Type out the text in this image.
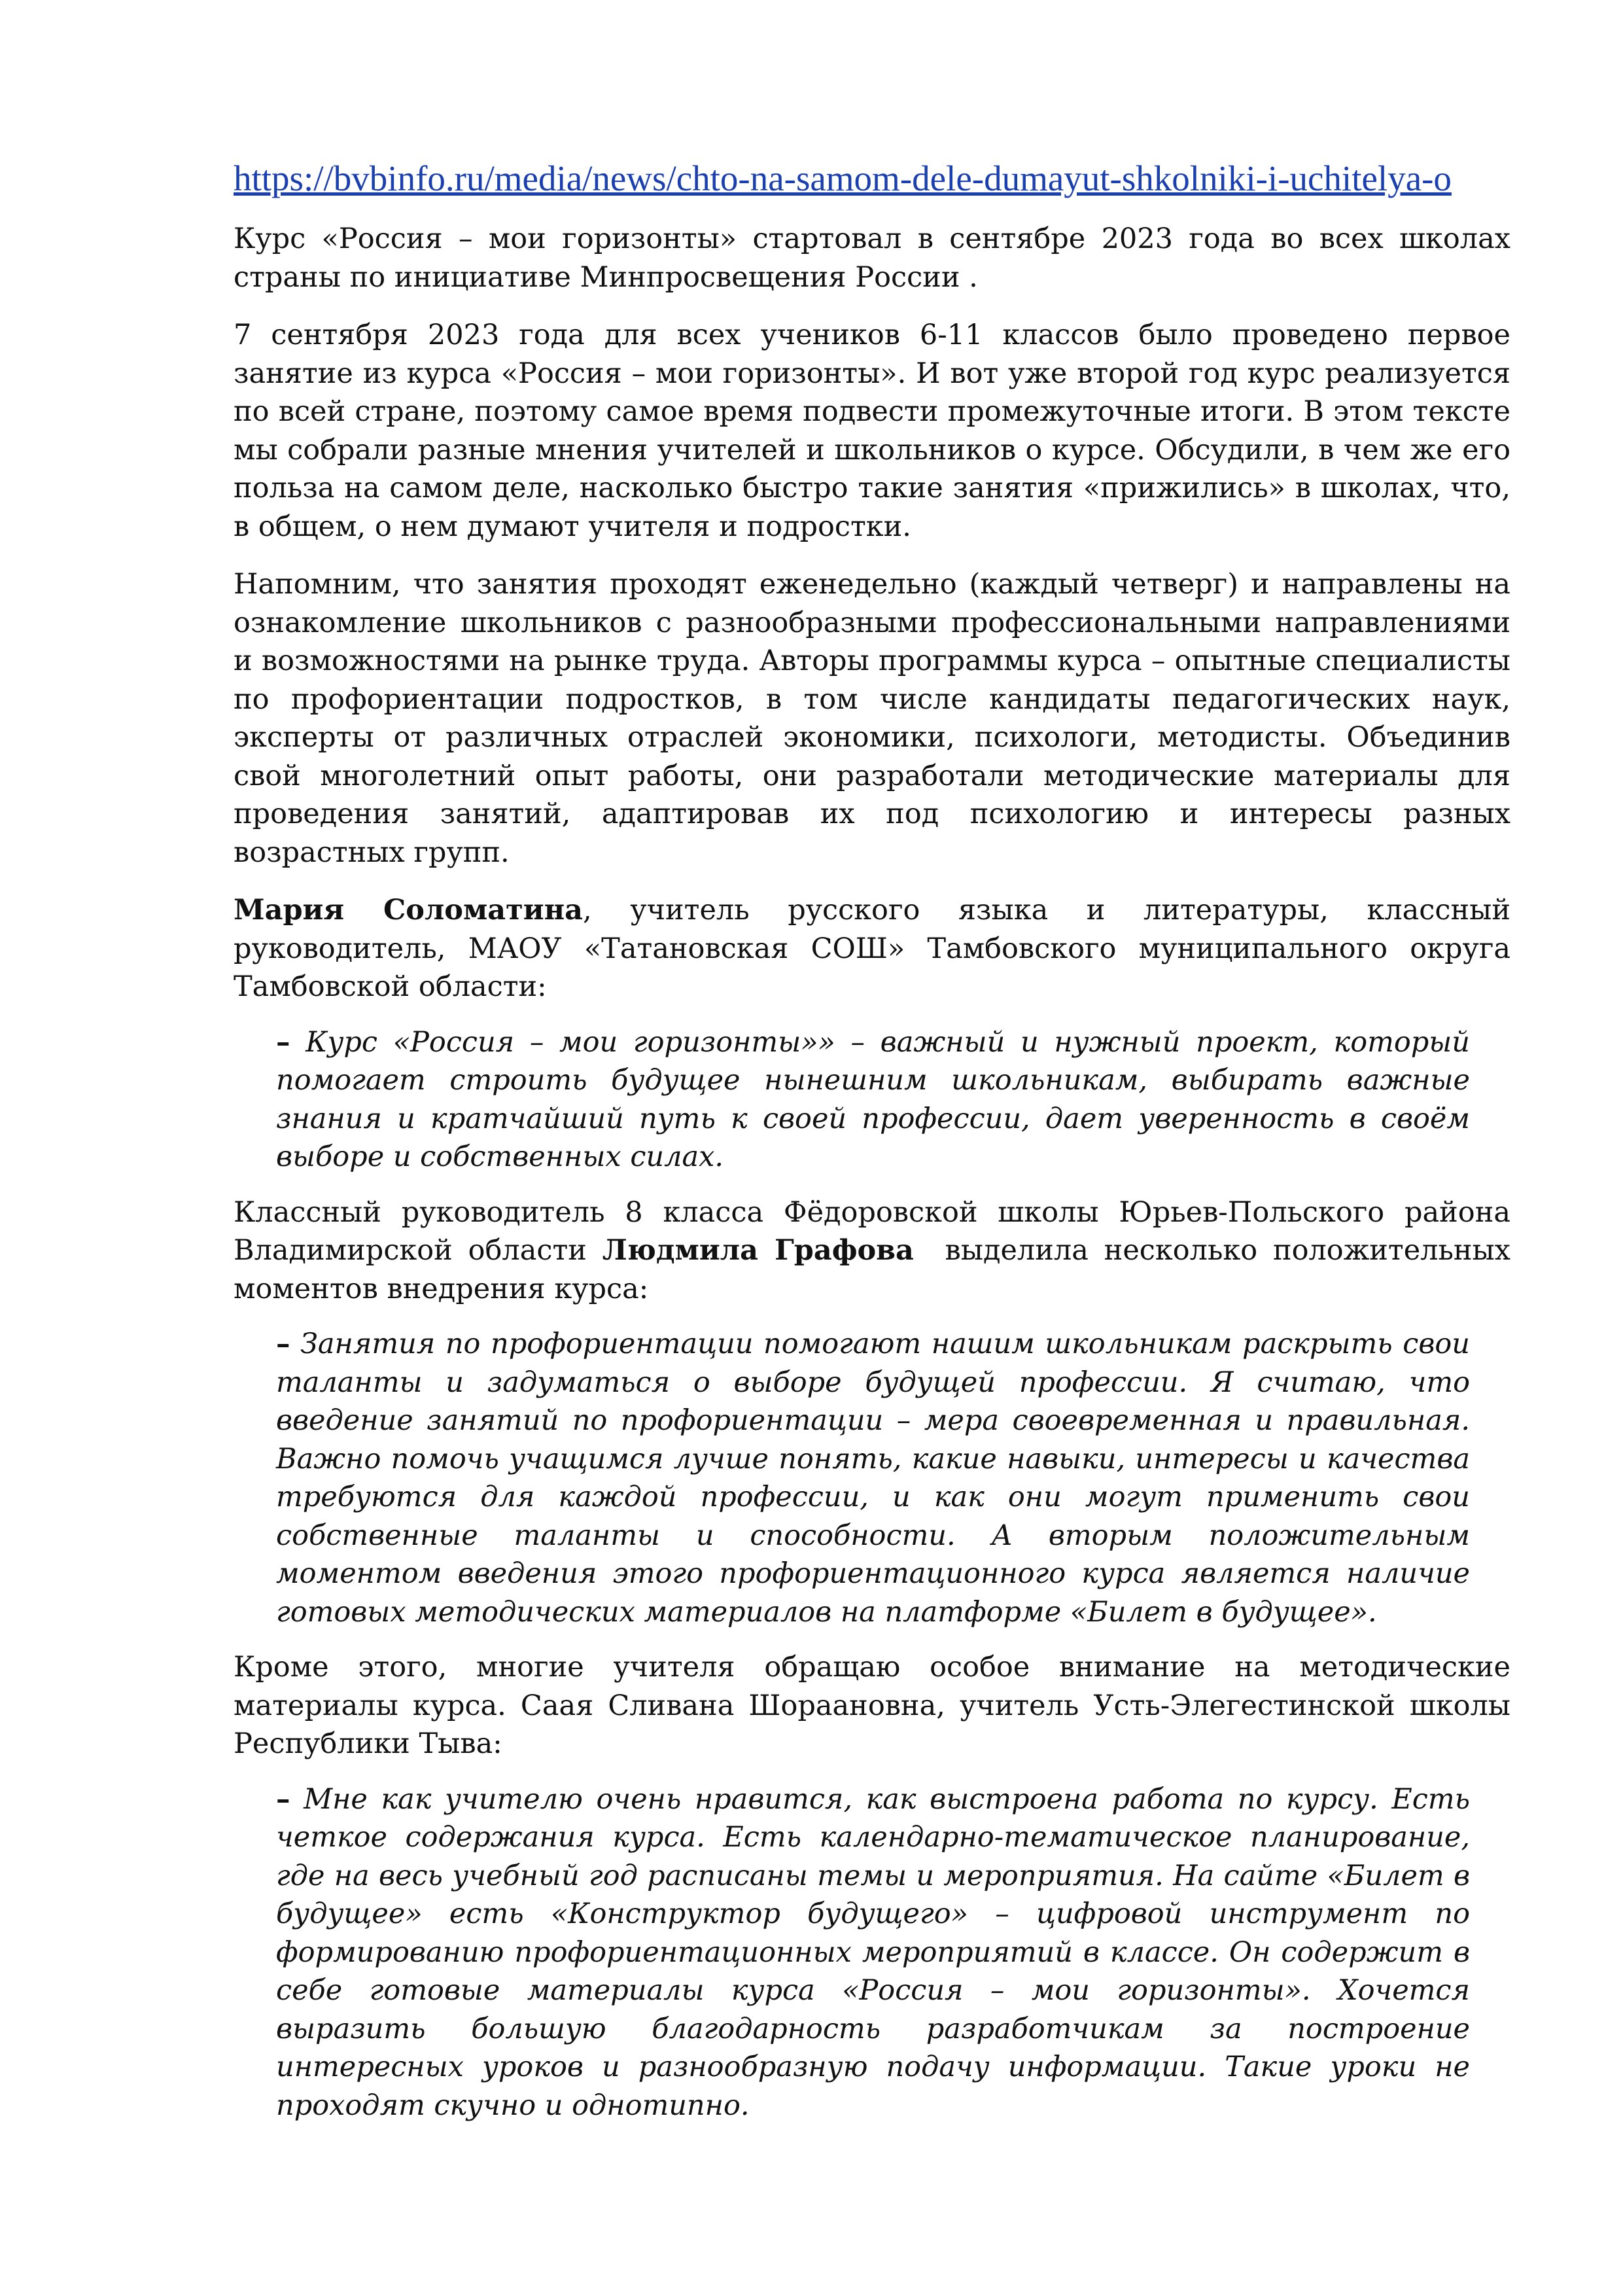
https://bvbinfo.ru/media/news/chto-na-samom-dele-dumayut-shkolniki-i-uchitelya-o

Курс «Россия – мои горизонты» стартовал в сентябре 2023 года во всех школах страны по инициативе Минпросвещения России .

7 сентября 2023 года для всех учеников 6-11 классов было проведено первое занятие из курса «Россия – мои горизонты». И вот уже второй год курс реализуется по всей стране, поэтому самое время подвести промежуточные итоги. В этом тексте мы собрали разные мнения учителей и школьников о курсе. Обсудили, в чем же его польза на самом деле, насколько быстро такие занятия «прижились» в школах, что, в общем, о нем думают учителя и подростки.

Напомним, что занятия проходят еженедельно (каждый четверг) и направлены на ознакомление школьников с разнообразными профессиональными направлениями и возможностями на рынке труда. Авторы программы курса – опытные специалисты по профориентации подростков, в том числе кандидаты педагогических наук, эксперты от различных отраслей экономики, психологи, методисты. Объединив свой многолетний опыт работы, они разработали методические материалы для проведения занятий, адаптировав их под психологию и интересы разных возрастных групп.

Мария Соломатина, учитель русского языка и литературы, классный руководитель, МАОУ «Татановская СОШ» Тамбовского муниципального округа Тамбовской области:

– Курс «Россия – мои горизонты»» – важный и нужный проект, который помогает строить будущее нынешним школьникам, выбирать важные знания и кратчайший путь к своей профессии, дает уверенность в своём выборе и собственных силах.

Классный руководитель 8 класса Фёдоровской школы Юрьев-Польского района Владимирской области Людмила Графова  выделила несколько положительных моментов внедрения курса:

– Занятия по профориентации помогают нашим школьникам раскрыть свои таланты и задуматься о выборе будущей профессии. Я считаю, что введение занятий по профориентации – мера своевременная и правильная. Важно помочь учащимся лучше понять, какие навыки, интересы и качества требуются для каждой профессии, и как они могут применить свои собственные таланты и способности. А вторым положительным моментом введения этого профориентационного курса является наличие готовых методических материалов на платформе «Билет в будущее».

Кроме этого, многие учителя обращаю особое внимание на методические материалы курса. Саая Сливана Шораановна, учитель Усть-Элегестинской школы Республики Тыва:

– Мне как учителю очень нравится, как выстроена работа по курсу. Есть четкое содержания курса. Есть календарно-тематическое планирование, где на весь учебный год расписаны темы и мероприятия. На сайте «Билет в будущее» есть «Конструктор будущего» – цифровой инструмент по формированию профориентационных мероприятий в классе. Он содержит в себе готовые материалы курса «Россия – мои горизонты». Хочется выразить большую благодарность разработчикам за построение интересных уроков и разнообразную подачу информации. Такие уроки не проходят скучно и однотипно.
